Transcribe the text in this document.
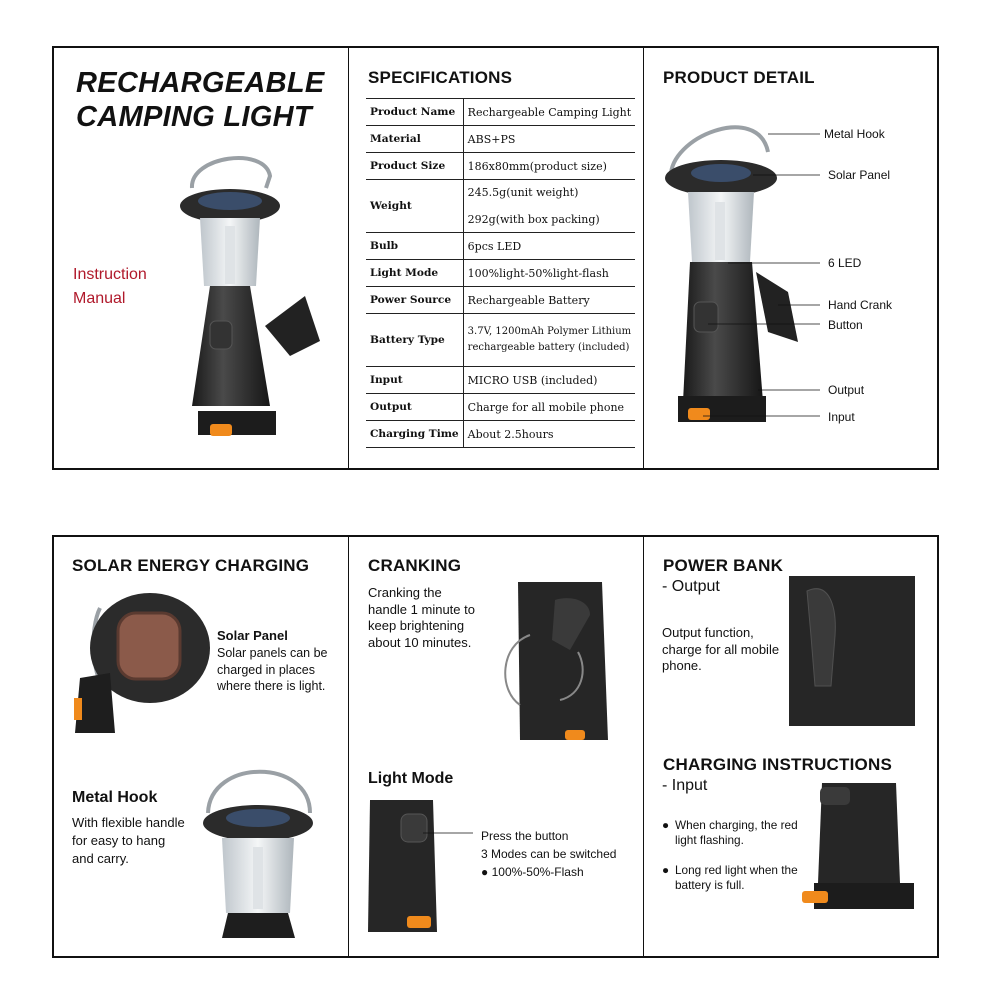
RECHARGEABLE
CAMPING LIGHT
Instruction
Manual
SPECIFICATIONS
Product Name	Rechargeable Camping Light
Material	ABS+PS
Product Size	186x80mm(product size)
Weight	245.5g(unit weight)
292g(with box packing)

Bulb	6pcs LED
Light Mode	100%light-50%light-flash
Power Source	Rechargeable Battery
Battery Type	3.7V, 1200mAh Polymer Lithium
rechargeable battery (included)

Input	MICRO USB (included)
Output	Charge for all mobile phone
Charging Time	About 2.5hours
PRODUCT DETAIL
Metal Hook
Solar Panel
6 LED
Hand Crank
Button
Output
Input
SOLAR ENERGY CHARGING
Solar Panel
Solar panels can be
charged in places
where there is light.
Metal Hook
With flexible handle
for easy to hang
and carry.
CRANKING
Cranking the
handle 1 minute to
keep brightening
about 10 minutes.
Light Mode
Press the button
3 Modes can be switched
● 100%-50%-Flash
POWER BANK
- Output
Output function,
charge for all mobile
phone.
CHARGING INSTRUCTIONS
- Input
● When charging, the red
light flashing.
● Long red light when the
battery is full.
